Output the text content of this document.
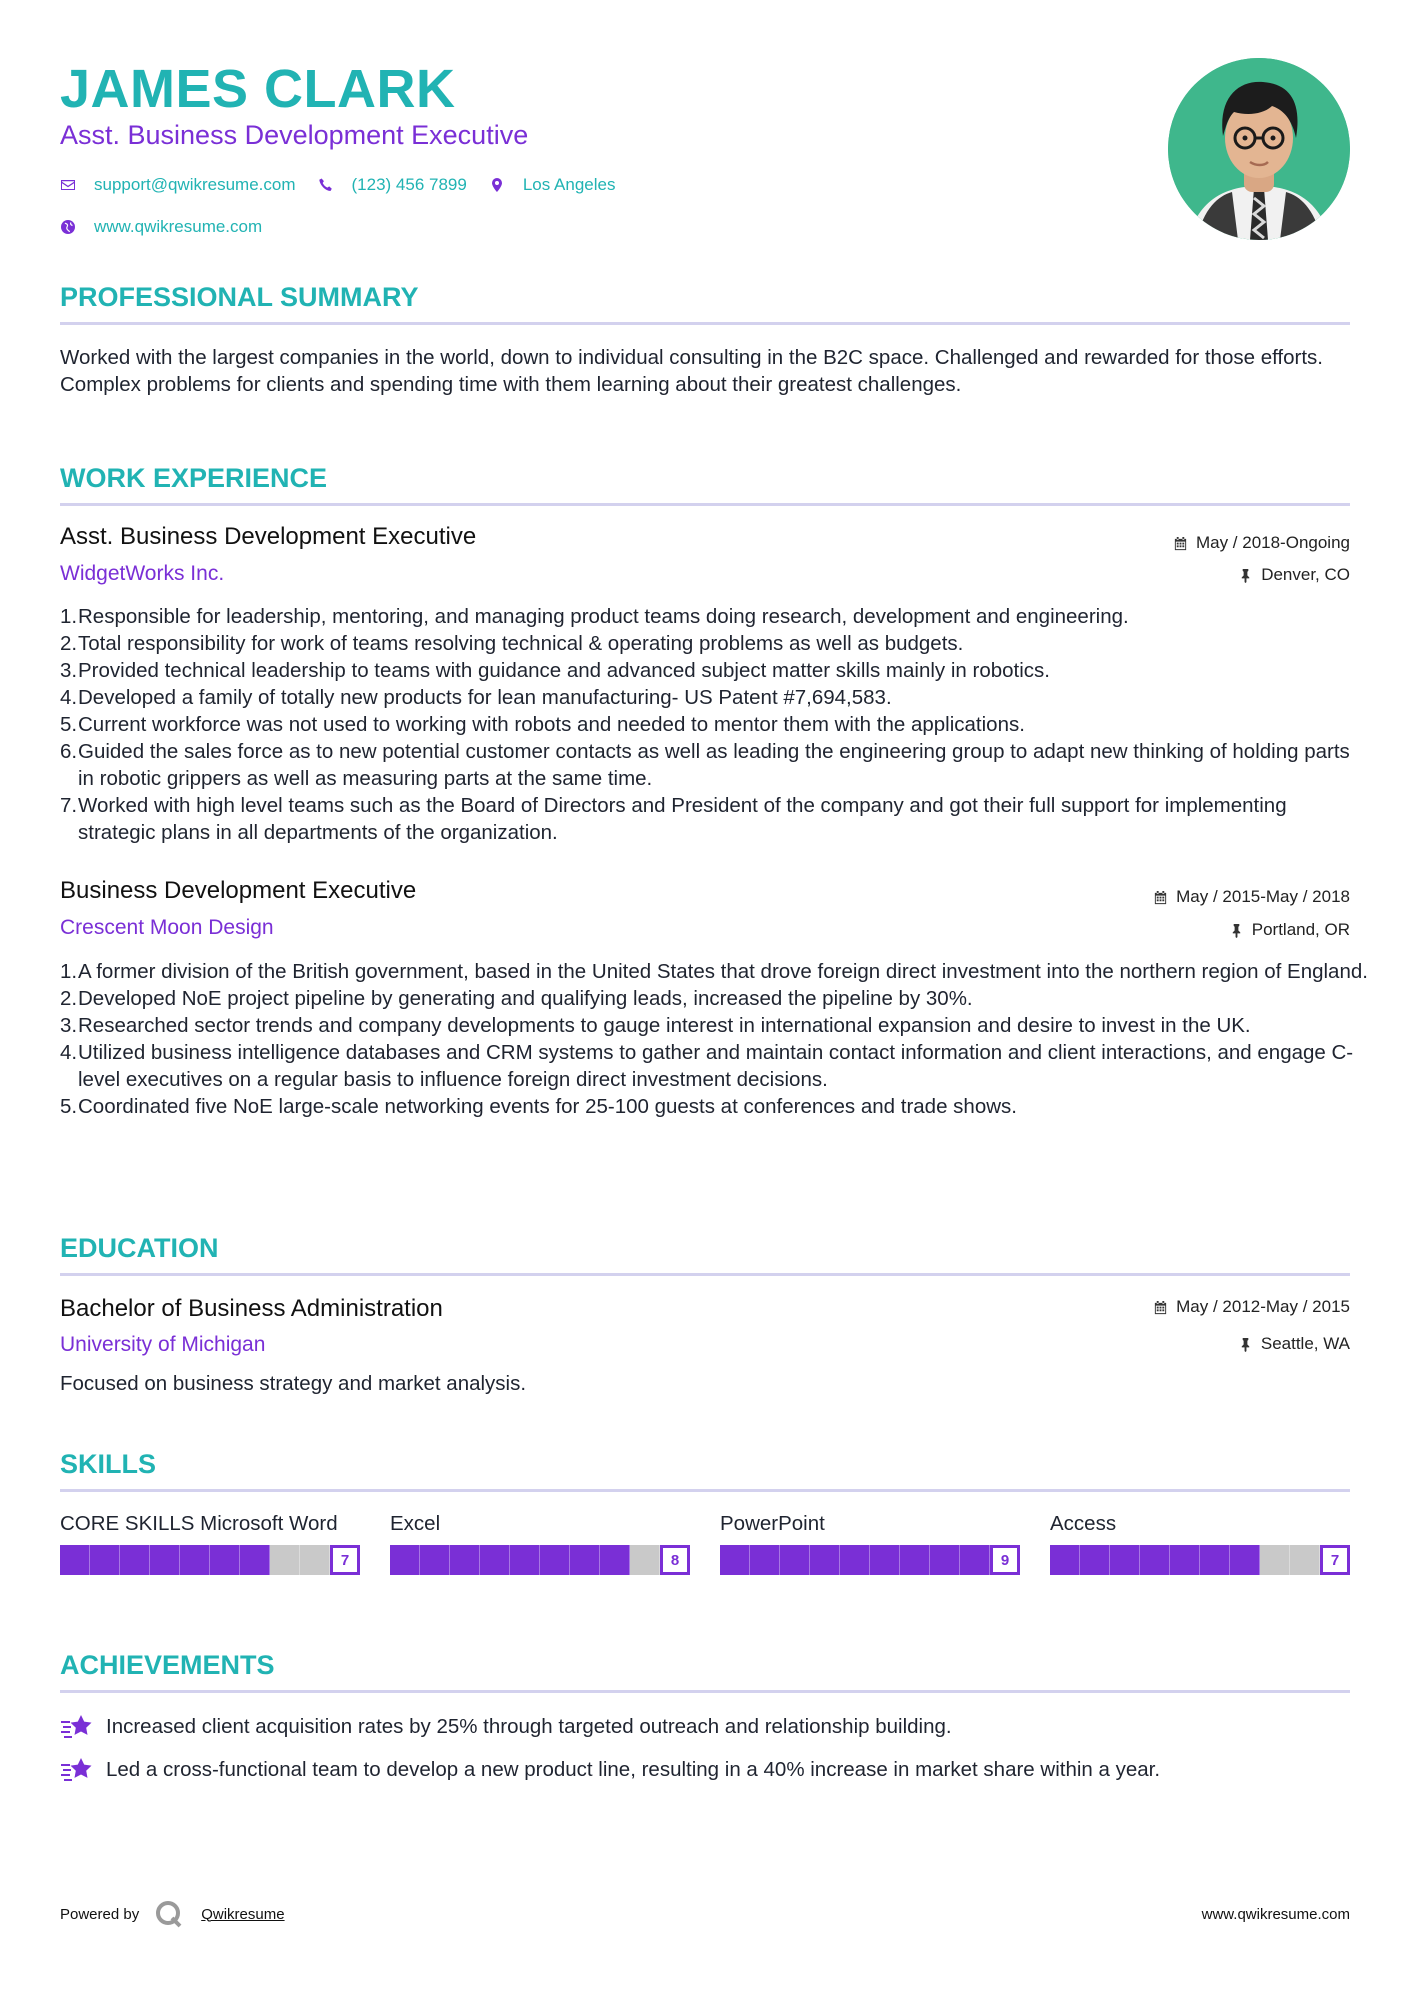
JAMES CLARK
Asst. Business Development Executive
support@qwikresume.com	(123) 456 7899	Los Angeles
www.qwikresume.com
PROFESSIONAL SUMMARY
Worked with the largest companies in the world, down to individual consulting in the B2C space. Challenged and rewarded for those efforts. Complex problems for clients and spending time with them learning about their greatest challenges.
WORK EXPERIENCE
Asst. Business Development Executive	May / 2018-Ongoing
WidgetWorks Inc.	Denver, CO
Responsible for leadership, mentoring, and managing product teams doing research, development and engineering.
Total responsibility for work of teams resolving technical & operating problems as well as budgets.
Provided technical leadership to teams with guidance and advanced subject matter skills mainly in robotics.
Developed a family of totally new products for lean manufacturing- US Patent #7,694,583.
Current workforce was not used to working with robots and needed to mentor them with the applications.
Guided the sales force as to new potential customer contacts as well as leading the engineering group to adapt new thinking of holding parts in robotic grippers as well as measuring parts at the same time.
Worked with high level teams such as the Board of Directors and President of the company and got their full support for implementing strategic plans in all departments of the organization.
Business Development Executive	May / 2015-May / 2018
Crescent Moon Design	Portland, OR
A former division of the British government, based in the United States that drove foreign direct investment into the northern region of England.
Developed NoE project pipeline by generating and qualifying leads, increased the pipeline by 30%.
Researched sector trends and company developments to gauge interest in international expansion and desire to invest in the UK.
Utilized business intelligence databases and CRM systems to gather and maintain contact information and client interactions, and engage C-level executives on a regular basis to influence foreign direct investment decisions.
Coordinated five NoE large-scale networking events for 25-100 guests at conferences and trade shows.
EDUCATION
Bachelor of Business Administration	May / 2012-May / 2015
University of Michigan	Seattle, WA
Focused on business strategy and market analysis.
SKILLS
CORE SKILLS Microsoft Word
7
Excel
8
PowerPoint
9
Access
7
ACHIEVEMENTS
Increased client acquisition rates by 25% through targeted outreach and relationship building.
Led a cross-functional team to develop a new product line, resulting in a 40% increase in market share within a year.
Powered by	Qwikresume	www.qwikresume.com
